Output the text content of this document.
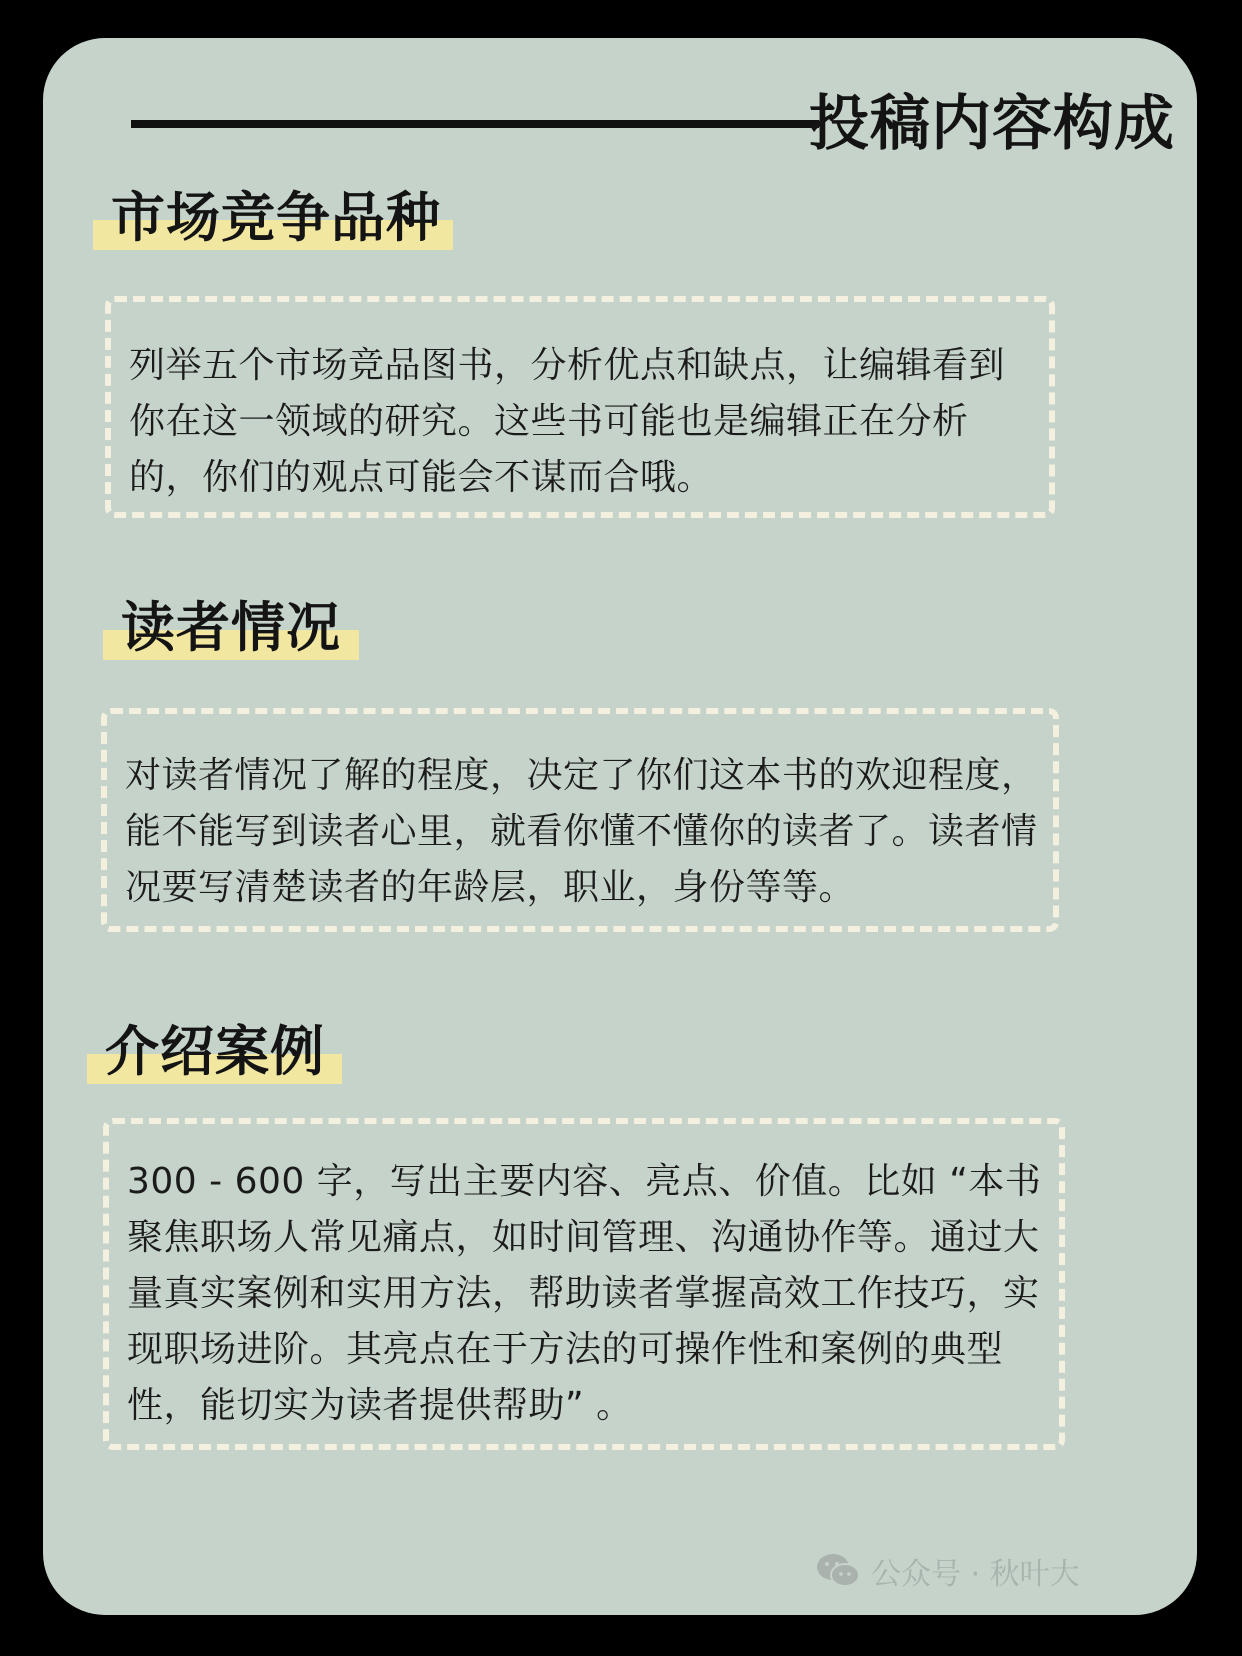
投稿内容构成
市场竞争品种
列举五个市场竞品图书，分析优点和缺点，让编辑看到你在这一领域的研究。这些书可能也是编辑正在分析的，你们的观点可能会不谋而合哦。
读者情况
对读者情况了解的程度，决定了你们这本书的欢迎程度，能不能写到读者心里，就看你懂不懂你的读者了。读者情况要写清楚读者的年龄层，职业，身份等等。
介绍案例
300 - 600 字，写出主要内容、亮点、价值。比如 “本书聚焦职场人常见痛点，如时间管理、沟通协作等。通过大量真实案例和实用方法，帮助读者掌握高效工作技巧，实现职场进阶。其亮点在于方法的可操作性和案例的典型性，能切实为读者提供帮助” 。
公众号 · 秋叶大
